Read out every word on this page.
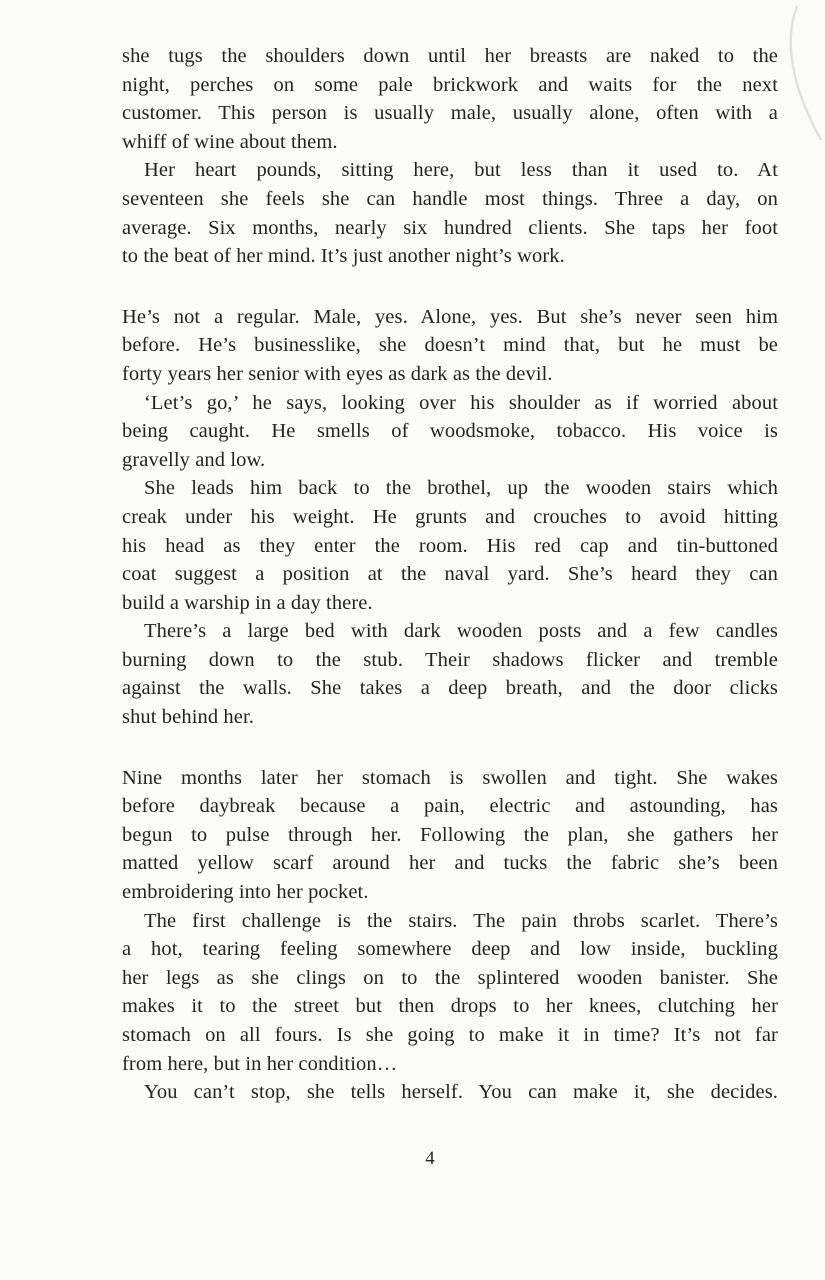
she tugs the shoulders down until her breasts are naked to the
night, perches on some pale brickwork and waits for the next
customer. This person is usually male, usually alone, often with a
whiff of wine about them.
Her heart pounds, sitting here, but less than it used to. At
seventeen she feels she can handle most things. Three a day, on
average. Six months, nearly six hundred clients. She taps her foot
to the beat of her mind. It’s just another night’s work.
He’s not a regular. Male, yes. Alone, yes. But she’s never seen him
before. He’s businesslike, she doesn’t mind that, but he must be
forty years her senior with eyes as dark as the devil.
‘Let’s go,’ he says, looking over his shoulder as if worried about
being caught. He smells of woodsmoke, tobacco. His voice is
gravelly and low.
She leads him back to the brothel, up the wooden stairs which
creak under his weight. He grunts and crouches to avoid hitting
his head as they enter the room. His red cap and tin-buttoned
coat suggest a position at the naval yard. She’s heard they can
build a warship in a day there.
There’s a large bed with dark wooden posts and a few candles
burning down to the stub. Their shadows flicker and tremble
against the walls. She takes a deep breath, and the door clicks
shut behind her.
Nine months later her stomach is swollen and tight. She wakes
before daybreak because a pain, electric and astounding, has
begun to pulse through her. Following the plan, she gathers her
matted yellow scarf around her and tucks the fabric she’s been
embroidering into her pocket.
The first challenge is the stairs. The pain throbs scarlet. There’s
a hot, tearing feeling somewhere deep and low inside, buckling
her legs as she clings on to the splintered wooden banister. She
makes it to the street but then drops to her knees, clutching her
stomach on all fours. Is she going to make it in time? It’s not far
from here, but in her condition…
You can’t stop, she tells herself. You can make it, she decides.
4
